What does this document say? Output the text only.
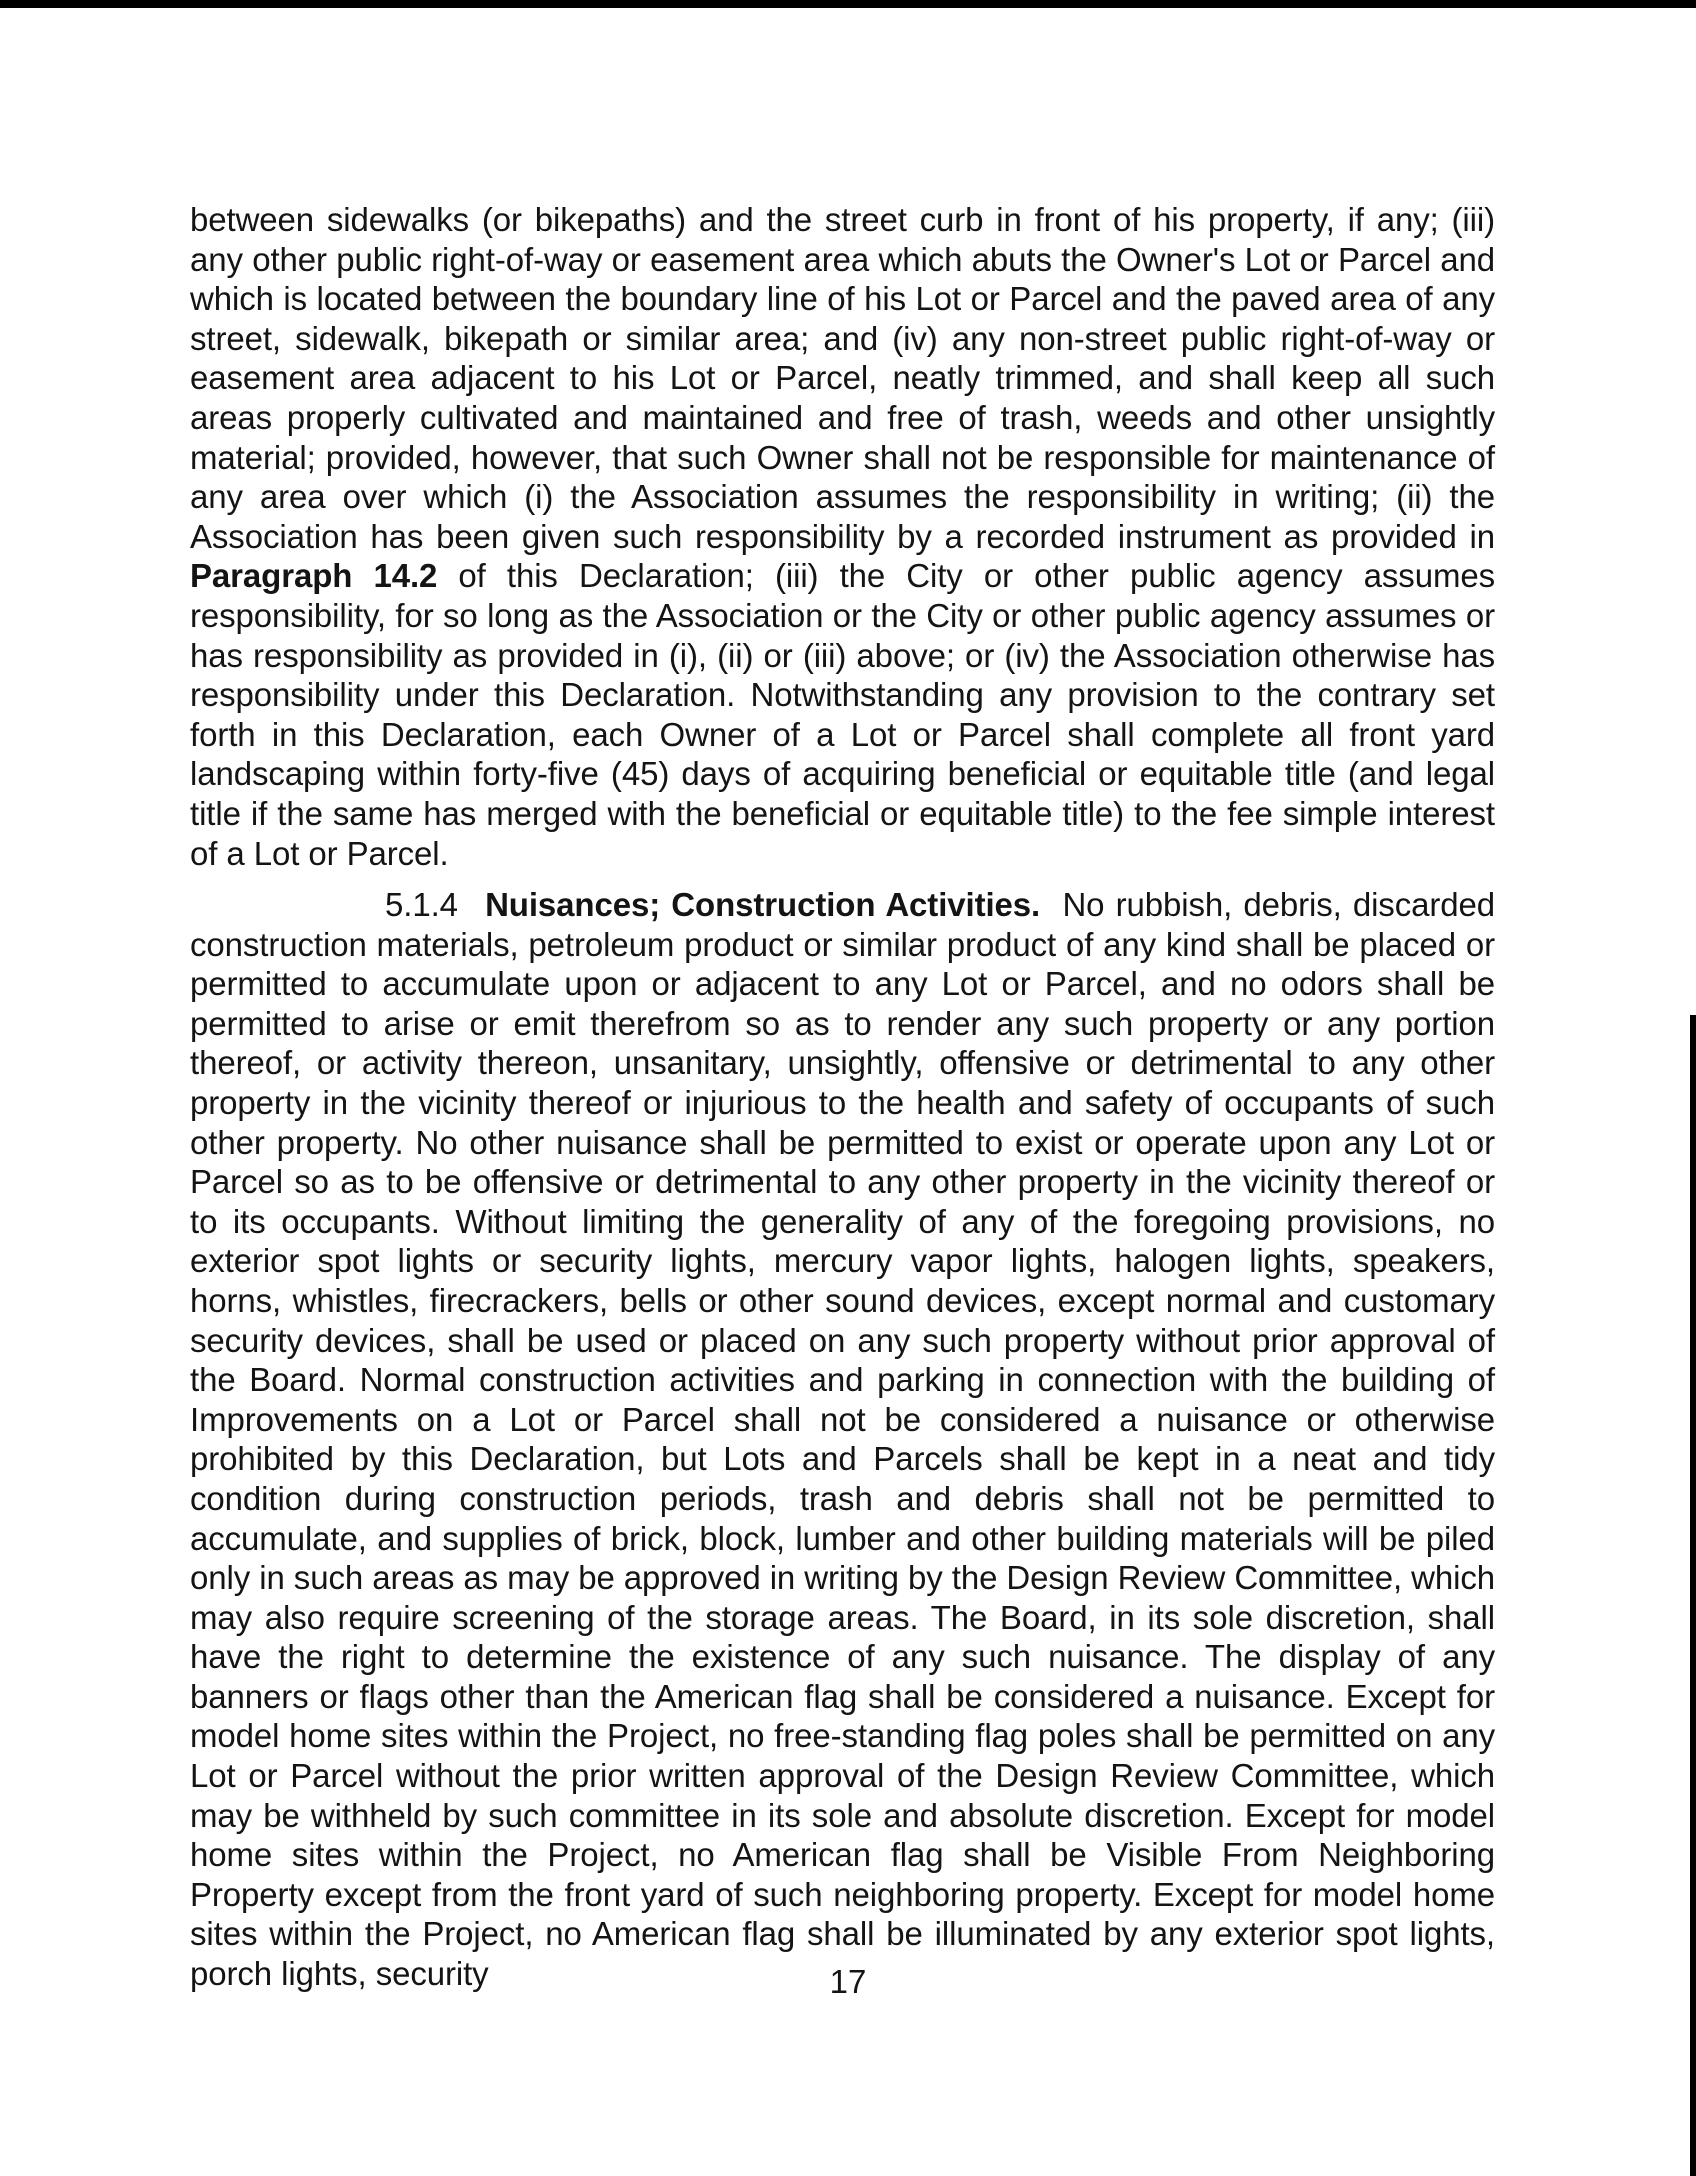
between sidewalks (or bikepaths) and the street curb in front of his property, if any; (iii) any other public right-of-way or easement area which abuts the Owner's Lot or Parcel and which is located between the boundary line of his Lot or Parcel and the paved area of any street, sidewalk, bikepath or similar area; and (iv) any non-street public right-of-way or easement area adjacent to his Lot or Parcel, neatly trimmed, and shall keep all such areas properly cultivated and maintained and free of trash, weeds and other unsightly material; provided, however, that such Owner shall not be responsible for maintenance of any area over which (i) the Association assumes the responsibility in writing; (ii) the Association has been given such responsibility by a recorded instrument as provided in Paragraph 14.2 of this Declaration; (iii) the City or other public agency assumes responsibility, for so long as the Association or the City or other public agency assumes or has responsibility as provided in (i), (ii) or (iii) above; or (iv) the Association otherwise has responsibility under this Declaration. Notwithstanding any provision to the contrary set forth in this Declaration, each Owner of a Lot or Parcel shall complete all front yard landscaping within forty-five (45) days of acquiring beneficial or equitable title (and legal title if the same has merged with the beneficial or equitable title) to the fee simple interest of a Lot or Parcel.

5.1.4 Nuisances; Construction Activities. No rubbish, debris, discarded construction materials, petroleum product or similar product of any kind shall be placed or permitted to accumulate upon or adjacent to any Lot or Parcel, and no odors shall be permitted to arise or emit therefrom so as to render any such property or any portion thereof, or activity thereon, unsanitary, unsightly, offensive or detrimental to any other property in the vicinity thereof or injurious to the health and safety of occupants of such other property. No other nuisance shall be permitted to exist or operate upon any Lot or Parcel so as to be offensive or detrimental to any other property in the vicinity thereof or to its occupants. Without limiting the generality of any of the foregoing provisions, no exterior spot lights or security lights, mercury vapor lights, halogen lights, speakers, horns, whistles, firecrackers, bells or other sound devices, except normal and customary security devices, shall be used or placed on any such property without prior approval of the Board. Normal construction activities and parking in connection with the building of Improvements on a Lot or Parcel shall not be considered a nuisance or otherwise prohibited by this Declaration, but Lots and Parcels shall be kept in a neat and tidy condition during construction periods, trash and debris shall not be permitted to accumulate, and supplies of brick, block, lumber and other building materials will be piled only in such areas as may be approved in writing by the Design Review Committee, which may also require screening of the storage areas. The Board, in its sole discretion, shall have the right to determine the existence of any such nuisance. The display of any banners or flags other than the American flag shall be considered a nuisance. Except for model home sites within the Project, no free-standing flag poles shall be permitted on any Lot or Parcel without the prior written approval of the Design Review Committee, which may be withheld by such committee in its sole and absolute discretion. Except for model home sites within the Project, no American flag shall be Visible From Neighboring Property except from the front yard of such neighboring property. Except for model home sites within the Project, no American flag shall be illuminated by any exterior spot lights, porch lights, security	17
